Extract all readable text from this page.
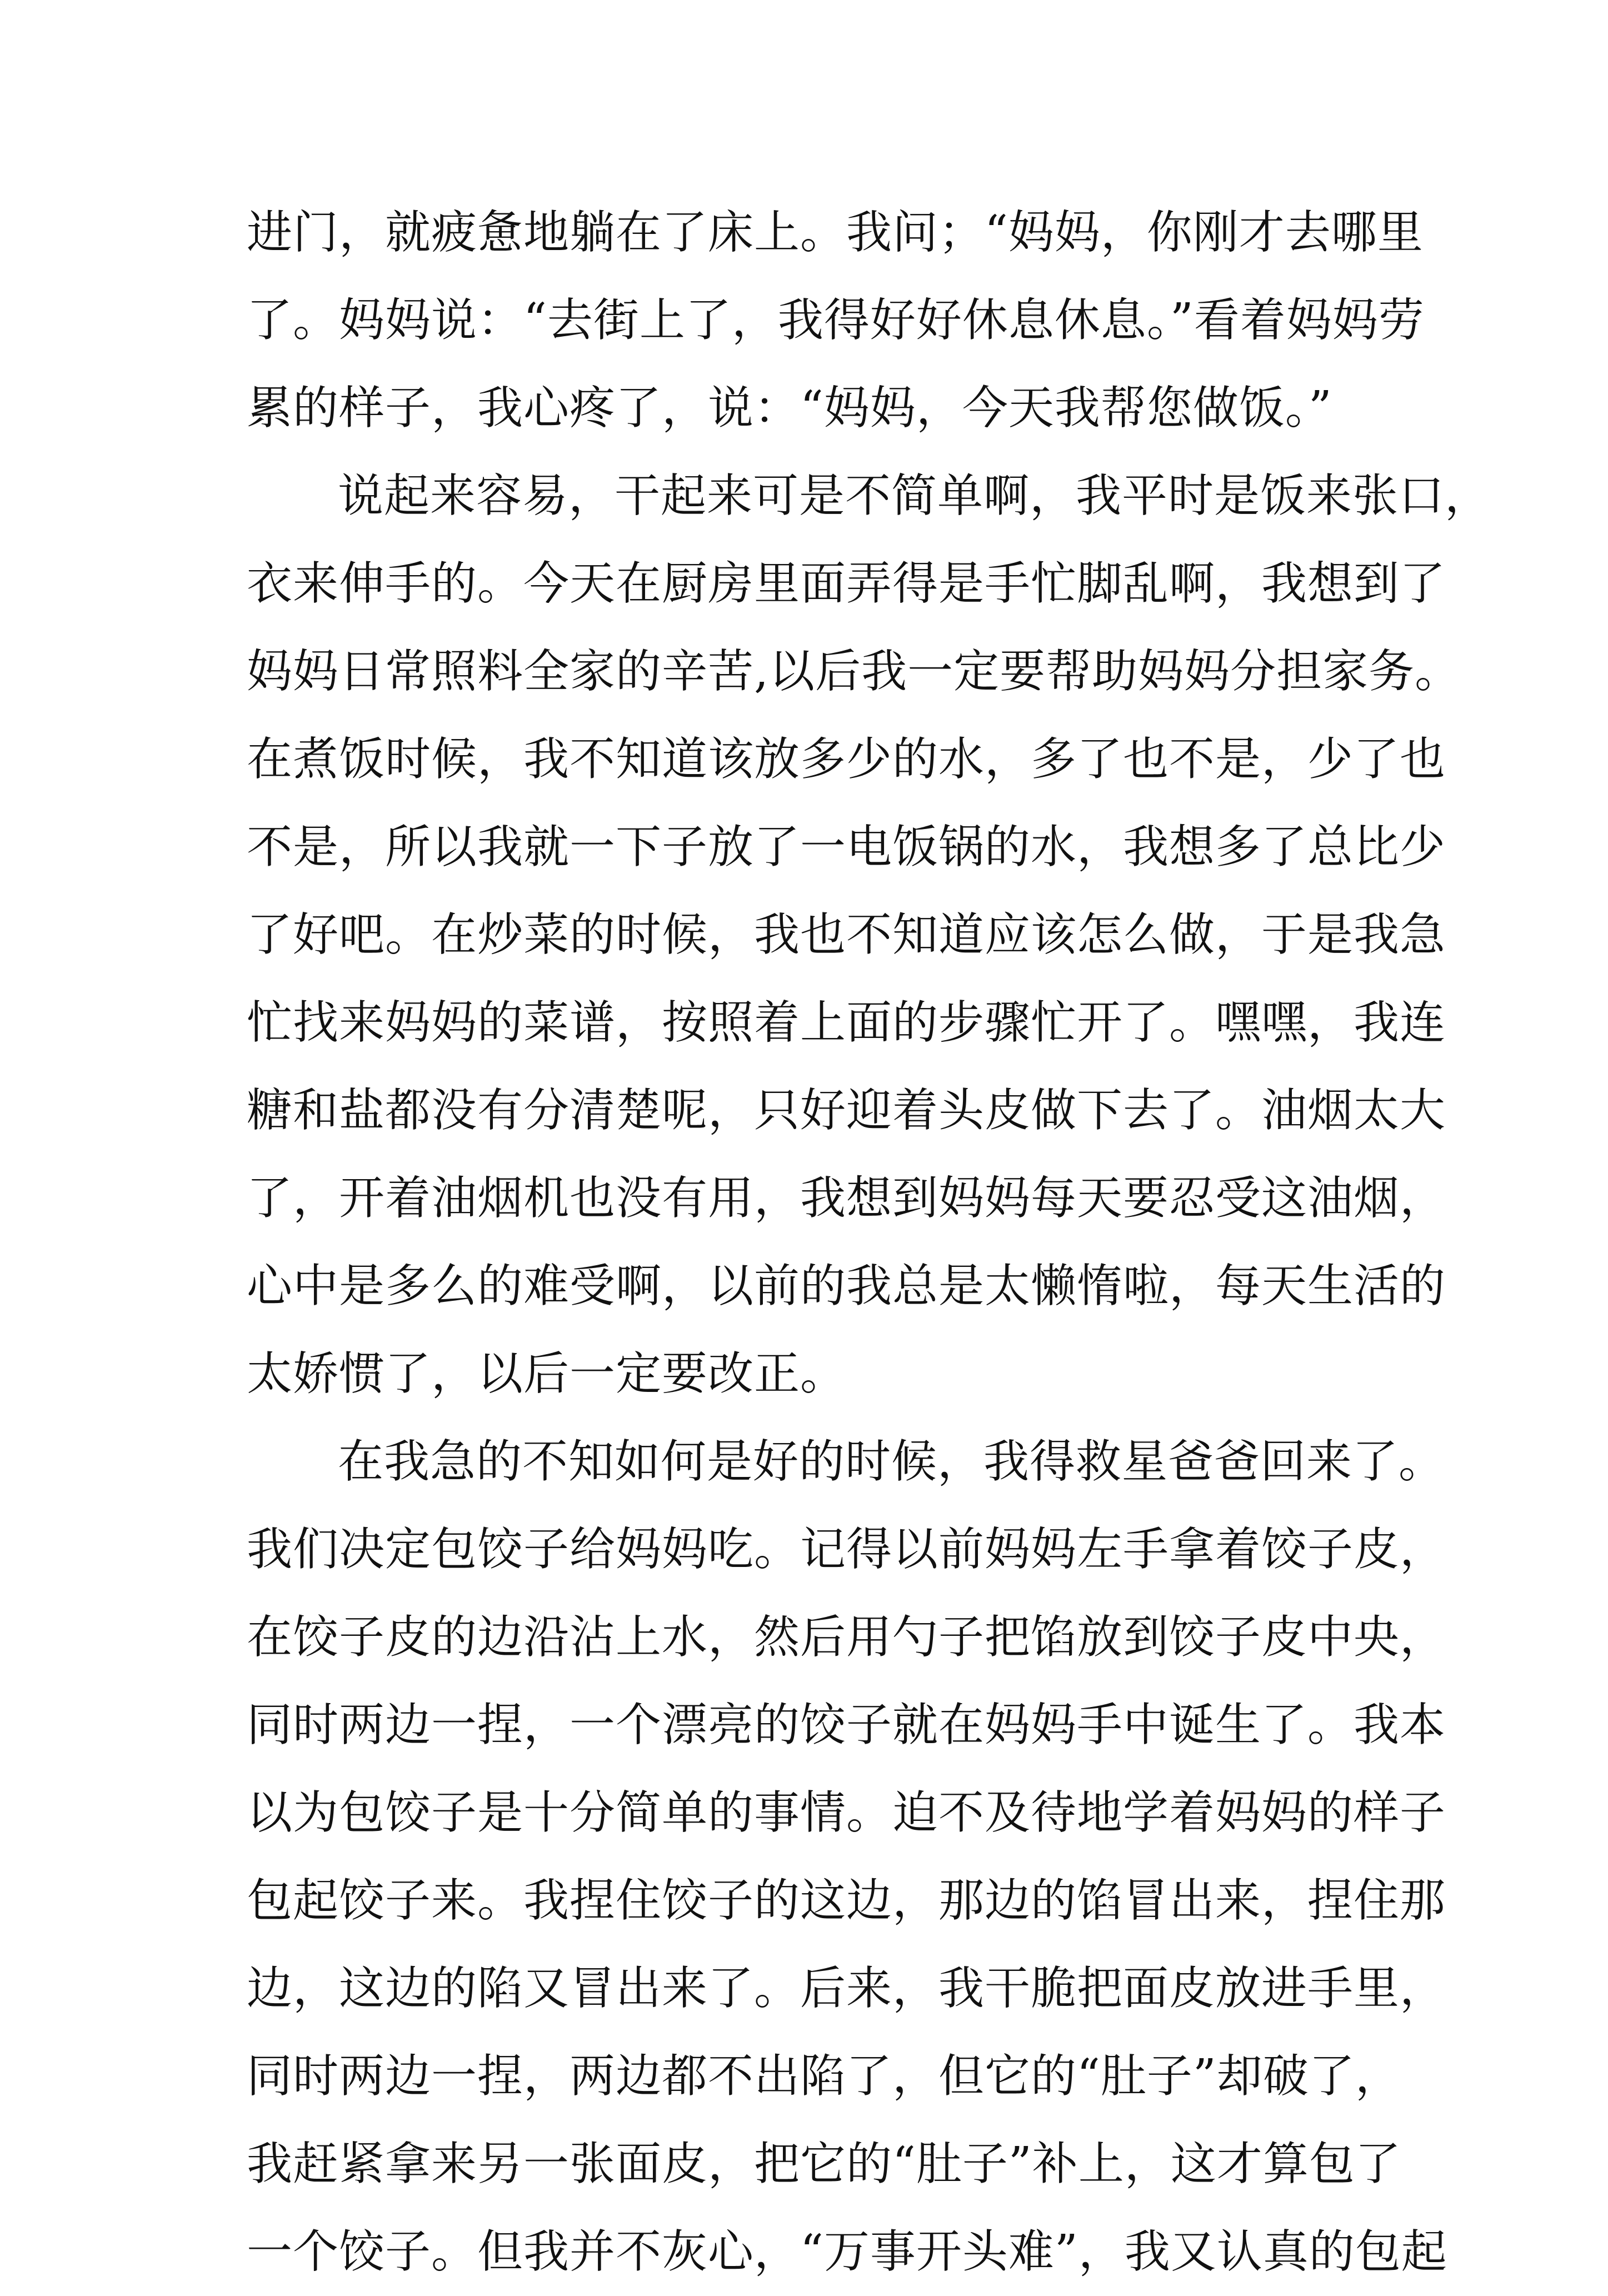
进门，就疲惫地躺在了床上。我问；“妈妈，你刚才去哪里
了。妈妈说：“去街上了，我得好好休息休息。”看着妈妈劳
累的样子，我心疼了，说：“妈妈，今天我帮您做饭。”
说起来容易，干起来可是不简单啊，我平时是饭来张口，
衣来伸手的。今天在厨房里面弄得是手忙脚乱啊，我想到了
妈妈日常照料全家的辛苦,以后我一定要帮助妈妈分担家务。
在煮饭时候，我不知道该放多少的水，多了也不是，少了也
不是，所以我就一下子放了一电饭锅的水，我想多了总比少
了好吧。在炒菜的时候，我也不知道应该怎么做，于是我急
忙找来妈妈的菜谱，按照着上面的步骤忙开了。嘿嘿，我连
糖和盐都没有分清楚呢，只好迎着头皮做下去了。油烟太大
了，开着油烟机也没有用，我想到妈妈每天要忍受这油烟，
心中是多么的难受啊，以前的我总是太懒惰啦，每天生活的
太娇惯了，以后一定要改正。
在我急的不知如何是好的时候，我得救星爸爸回来了。
我们决定包饺子给妈妈吃。记得以前妈妈左手拿着饺子皮，
在饺子皮的边沿沾上水，然后用勺子把馅放到饺子皮中央，
同时两边一捏，一个漂亮的饺子就在妈妈手中诞生了。我本
以为包饺子是十分简单的事情。迫不及待地学着妈妈的样子
包起饺子来。我捏住饺子的这边，那边的馅冒出来，捏住那
边，这边的陷又冒出来了。后来，我干脆把面皮放进手里，
同时两边一捏，两边都不出陷了，但它的“肚子”却破了，
我赶紧拿来另一张面皮，把它的“肚子”补上，这才算包了
一个饺子。但我并不灰心，“万事开头难”，我又认真的包起
